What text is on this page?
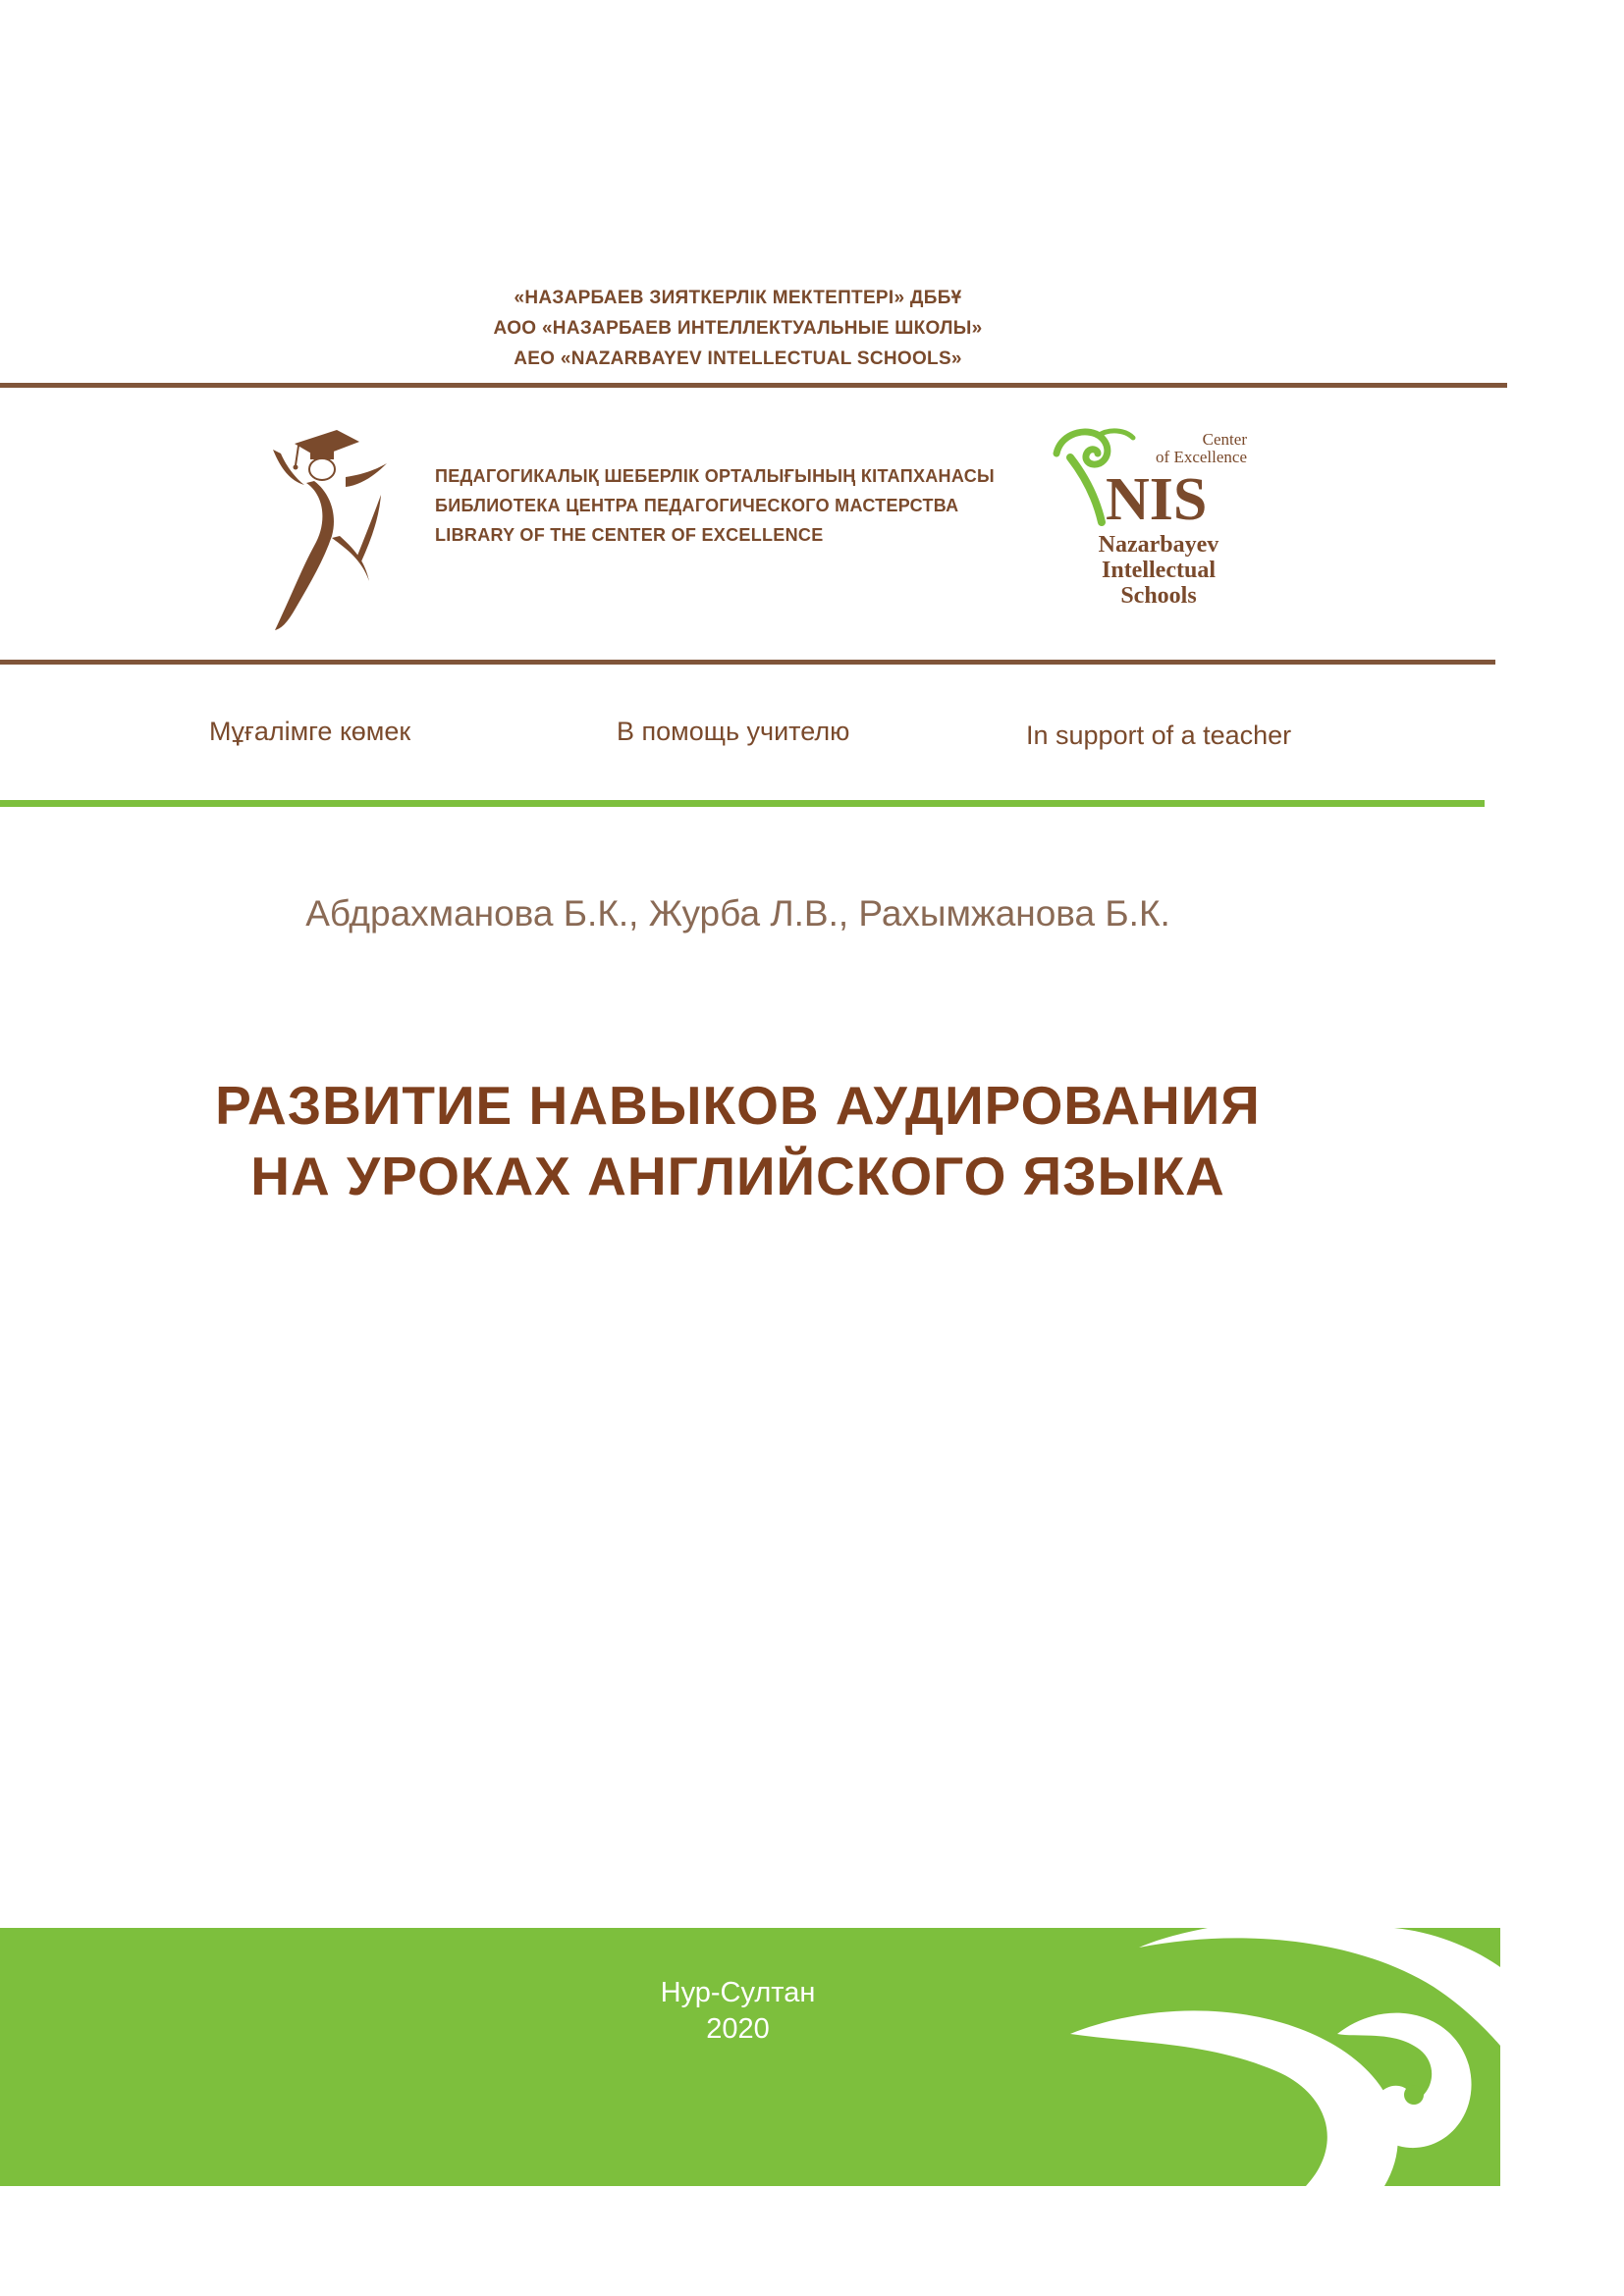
«НАЗАРБАЕВ ЗИЯТКЕРЛІК МЕКТЕПТЕРІ» ДББҰ
АОО «НАЗАРБАЕВ ИНТЕЛЛЕКТУАЛЬНЫЕ ШКОЛЫ»
AEO «NAZARBAYEV INTELLECTUAL SCHOOLS»
ПЕДАГОГИКАЛЫҚ ШЕБЕРЛІК ОРТАЛЫҒЫНЫҢ КІТАПХАНАСЫ
БИБЛИОТЕКА ЦЕНТРА ПЕДАГОГИЧЕСКОГО МАСТЕРСТВА
LIBRARY OF THE CENTER OF EXCELLENCE
Center
of Excellence
NIS
Nazarbayev
Intellectual
Schools
Мұғалімге көмек	В помощь учителю	In support of a teacher
Абдрахманова Б.К., Журба Л.В., Рахымжанова Б.К.
РАЗВИТИЕ НАВЫКОВ АУДИРОВАНИЯ
НА УРОКАХ АНГЛИЙСКОГО ЯЗЫКА
Нур-Султан
2020
